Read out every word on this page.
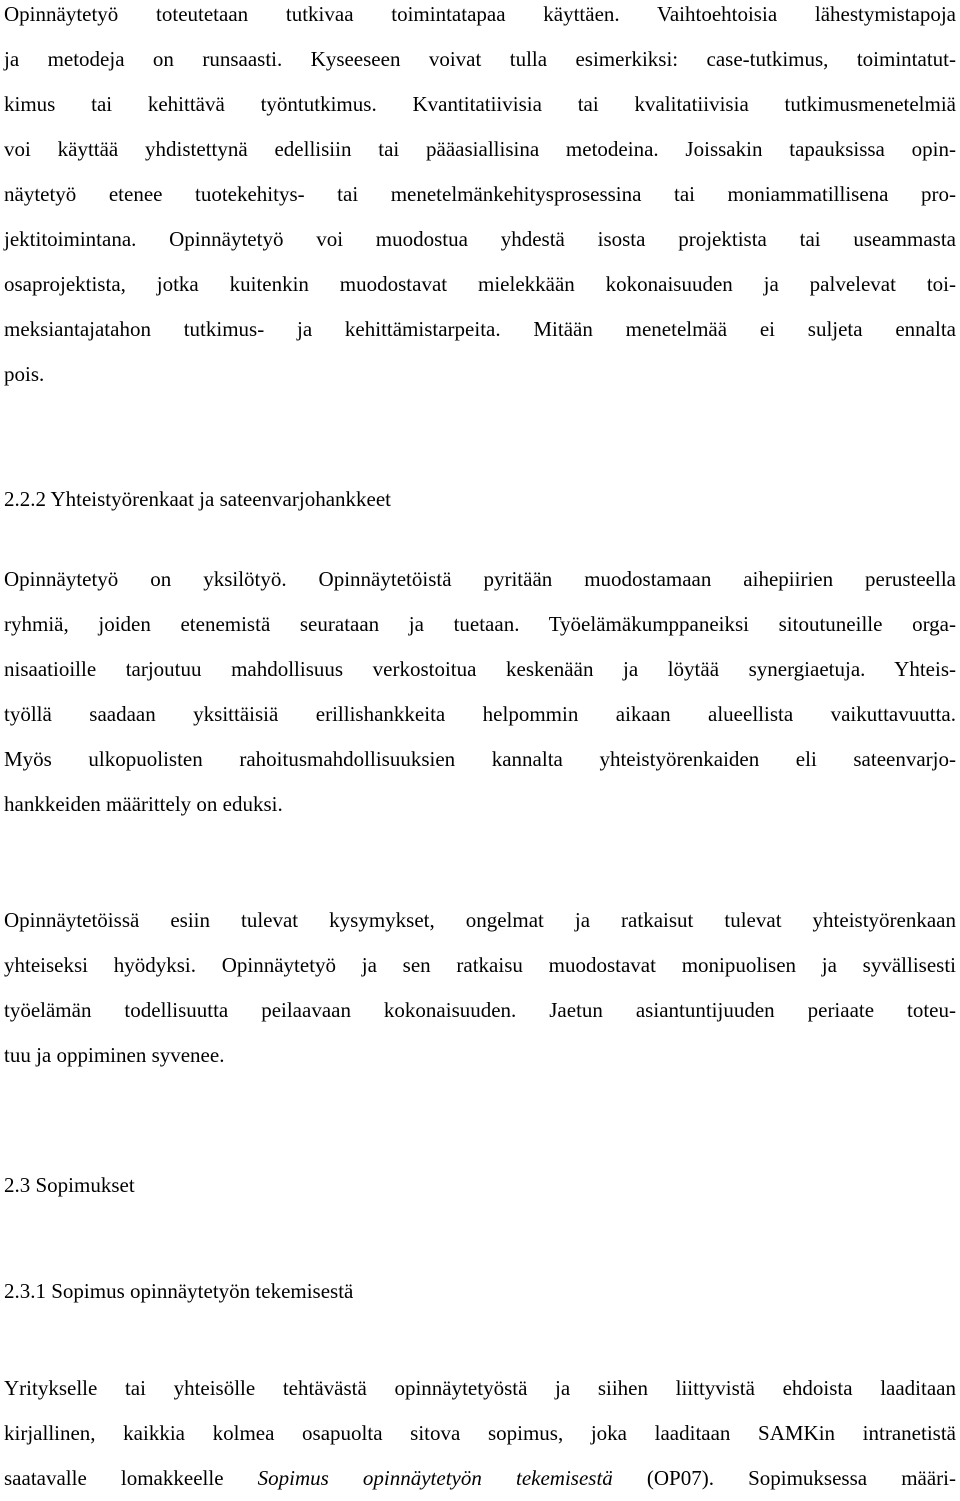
Opinnäytetyö toteutetaan tutkivaa toimintatapaa käyttäen. Vaihtoehtoisia lähestymistapoja
ja metodeja on runsaasti. Kyseeseen voivat tulla esimerkiksi: case-tutkimus, toimintatut-
kimus tai kehittävä työntutkimus. Kvantitatiivisia tai kvalitatiivisia tutkimusmenetelmiä
voi käyttää yhdistettynä edellisiin tai pääasiallisina metodeina. Joissakin tapauksissa opin-
näytetyö etenee tuotekehitys- tai menetelmänkehitysprosessina tai moniammatillisena pro-
jektitoimintana. Opinnäytetyö voi muodostua yhdestä isosta projektista tai useammasta
osaprojektista, jotka kuitenkin muodostavat mielekkään kokonaisuuden ja palvelevat toi-
meksiantajatahon tutkimus- ja kehittämistarpeita. Mitään menetelmää ei suljeta ennalta
pois.
2.2.2 Yhteistyörenkaat ja sateenvarjohankkeet
Opinnäytetyö on yksilötyö. Opinnäytetöistä pyritään muodostamaan aihepiirien perusteella
ryhmiä, joiden etenemistä seurataan ja tuetaan. Työelämäkumppaneiksi sitoutuneille orga-
nisaatioille tarjoutuu mahdollisuus verkostoitua keskenään ja löytää synergiaetuja. Yhteis-
työllä saadaan yksittäisiä erillishankkeita helpommin aikaan alueellista vaikuttavuutta.
Myös ulkopuolisten rahoitusmahdollisuuksien kannalta yhteistyörenkaiden eli sateenvarjo-
hankkeiden määrittely on eduksi.
Opinnäytetöissä esiin tulevat kysymykset, ongelmat ja ratkaisut tulevat yhteistyörenkaan
yhteiseksi hyödyksi. Opinnäytetyö ja sen ratkaisu muodostavat monipuolisen ja syvällisesti
työelämän todellisuutta peilaavaan kokonaisuuden. Jaetun asiantuntijuuden periaate toteu-
tuu ja oppiminen syvenee.
2.3 Sopimukset
2.3.1 Sopimus opinnäytetyön tekemisestä
Yritykselle tai yhteisölle tehtävästä opinnäytetyöstä ja siihen liittyvistä ehdoista laaditaan
kirjallinen, kaikkia kolmea osapuolta sitova sopimus, joka laaditaan SAMKin intranetistä
saatavalle lomakkeelle Sopimus opinnäytetyön tekemisestä (OP07). Sopimuksessa määri-
